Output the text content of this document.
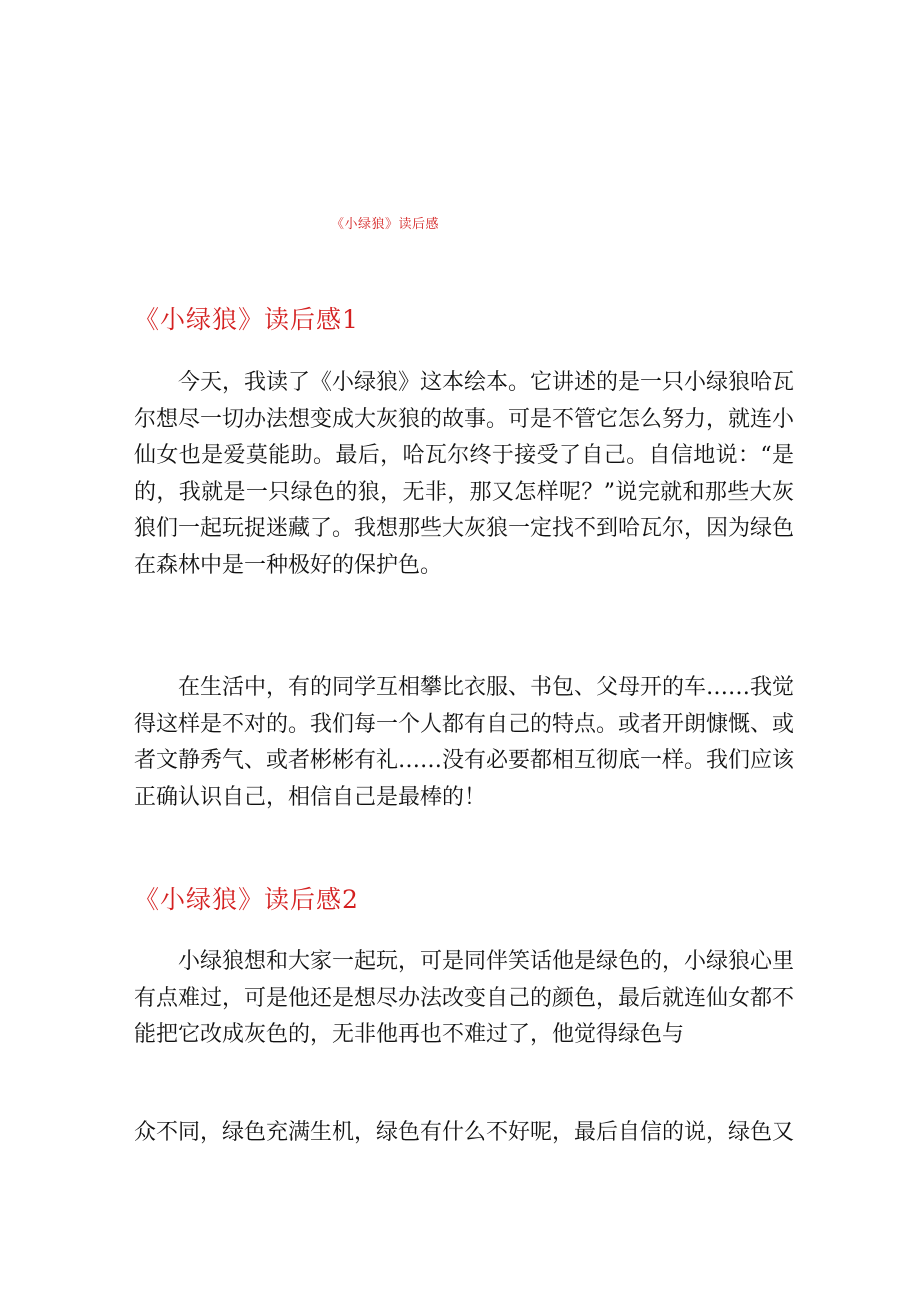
《小绿狼》读后感
《小绿狼》读后感1
今天，我读了《小绿狼》这本绘本。它讲述的是一只小绿狼哈瓦尔想尽一切办法想变成大灰狼的故事。可是不管它怎么努力，就连小仙女也是爱莫能助。最后，哈瓦尔终于接受了自己。自信地说：“是的，我就是一只绿色的狼，无非，那又怎样呢？”说完就和那些大灰狼们一起玩捉迷藏了。我想那些大灰狼一定找不到哈瓦尔，因为绿色在森林中是一种极好的保护色。
在生活中，有的同学互相攀比衣服、书包、父母开的车……我觉得这样是不对的。我们每一个人都有自己的特点。或者开朗慷慨、或者文静秀气、或者彬彬有礼……没有必要都相互彻底一样。我们应该正确认识自己，相信自己是最棒的！
《小绿狼》读后感2
小绿狼想和大家一起玩，可是同伴笑话他是绿色的，小绿狼心里有点难过，可是他还是想尽办法改变自己的颜色，最后就连仙女都不能把它改成灰色的，无非他再也不难过了，他觉得绿色与
众不同，绿色充满生机，绿色有什么不好呢，最后自信的说，绿色又
